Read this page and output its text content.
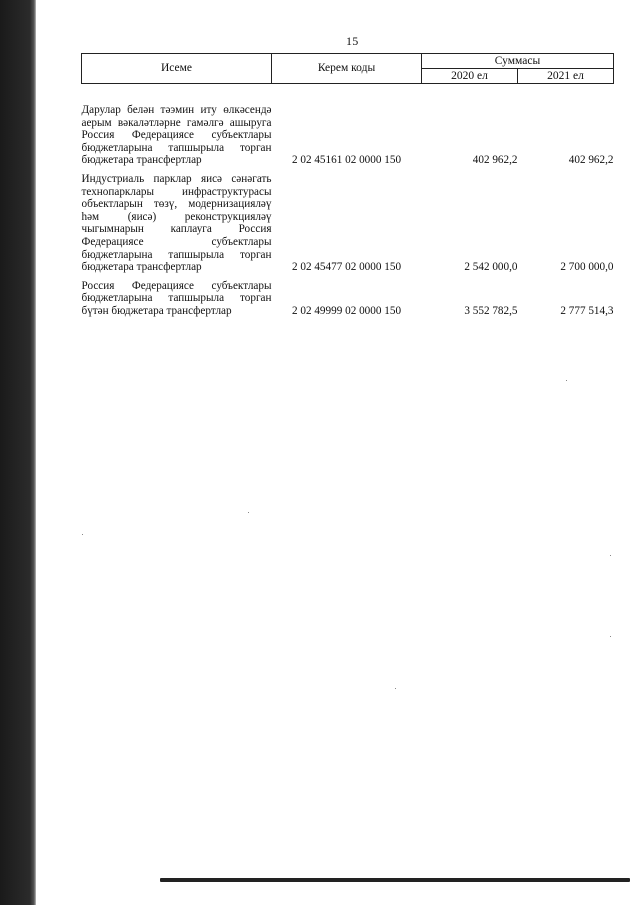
15
Исеме	Керем коды	Суммасы	
		2020 ел	2021 ел
Дарулар белән тәэмин иту өлкәсендә аерым вәкаләтләрне гамәлгә ашыруга Россия Федерациясе субъектлары бюджетларына тапшырыла торган бюджетара трансфертлар	2 02 45161 02 0000 150	402 962,2	402 962,2
Индустриаль парклар яисә сәнәгать технопарклары инфраструктурасы объектларын төзү, модернизацияләү һәм (яисә) реконструкцияләү чыгымнарын каплауга Россия Федерациясе субъектлары бюджетларына тапшырыла торган бюджетара трансфертлар	2 02 45477 02 0000 150	2 542 000,0	2 700 000,0
Россия Федерациясе субъектлары бюджетларына тапшырыла торган бүтән бюджетара трансфертлар	2 02 49999 02 0000 150	3 552 782,5	2 777 514,3
